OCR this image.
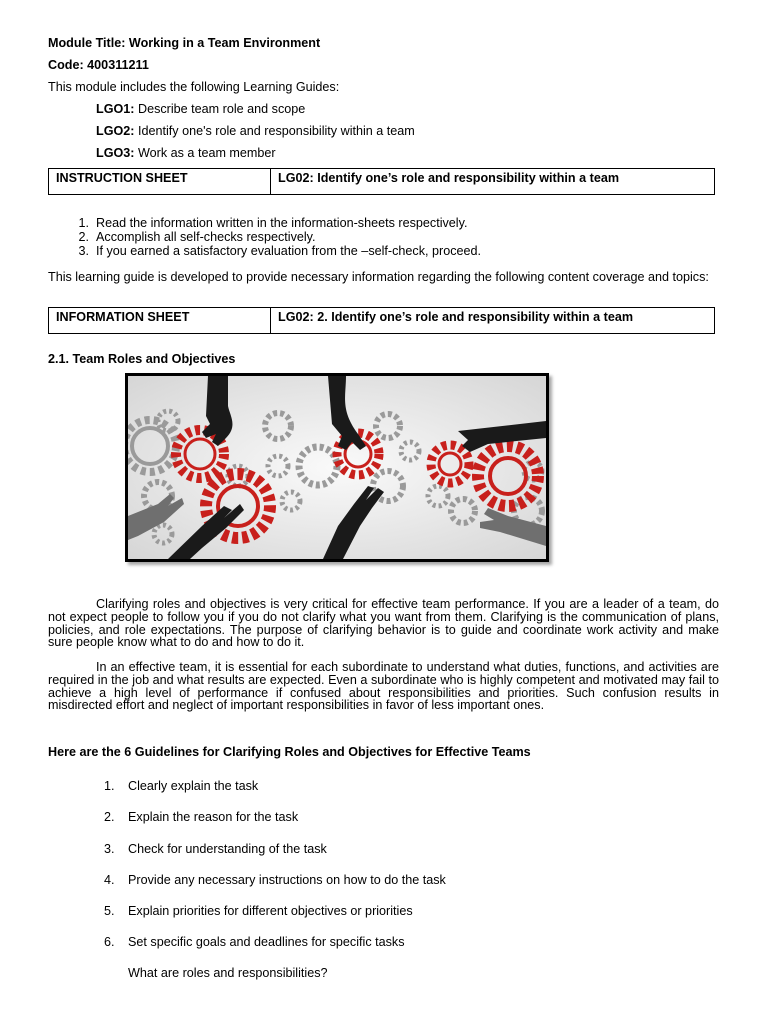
Module Title: Working in a Team Environment
Code: 400311211
This module includes the following Learning Guides:
LGO1: Describe team role and scope
LGO2: Identify one's role and responsibility within a team
LGO3: Work as a team member
INSTRUCTION SHEET	LG02: Identify one’s role and responsibility within a team
1. Read the information written in the information-sheets respectively.
2. Accomplish all self-checks respectively.
3. If you earned a satisfactory evaluation from the –self-check, proceed.
This learning guide is developed to provide necessary information regarding the following content coverage and topics:
INFORMATION SHEET	LG02: 2. Identify one’s role and responsibility within a team
2.1. Team Roles and Objectives
Clarifying roles and objectives is very critical for effective team performance. If you are a leader of a team, do not expect people to follow you if you do not clarify what you want from them. Clarifying is the communication of plans, policies, and role expectations. The purpose of clarifying behavior is to guide and coordinate work activity and make sure people know what to do and how to do it.
In an effective team, it is essential for each subordinate to understand what duties, functions, and activities are required in the job and what results are expected. Even a subordinate who is highly competent and motivated may fail to achieve a high level of performance if confused about responsibilities and priorities. Such confusion results in misdirected effort and neglect of important responsibilities in favor of less important ones.
Here are the 6 Guidelines for Clarifying Roles and Objectives for Effective Teams
1. Clearly explain the task
2. Explain the reason for the task
3. Check for understanding of the task
4. Provide any necessary instructions on how to do the task
5. Explain priorities for different objectives or priorities
6. Set specific goals and deadlines for specific tasks
What are roles and responsibilities?
